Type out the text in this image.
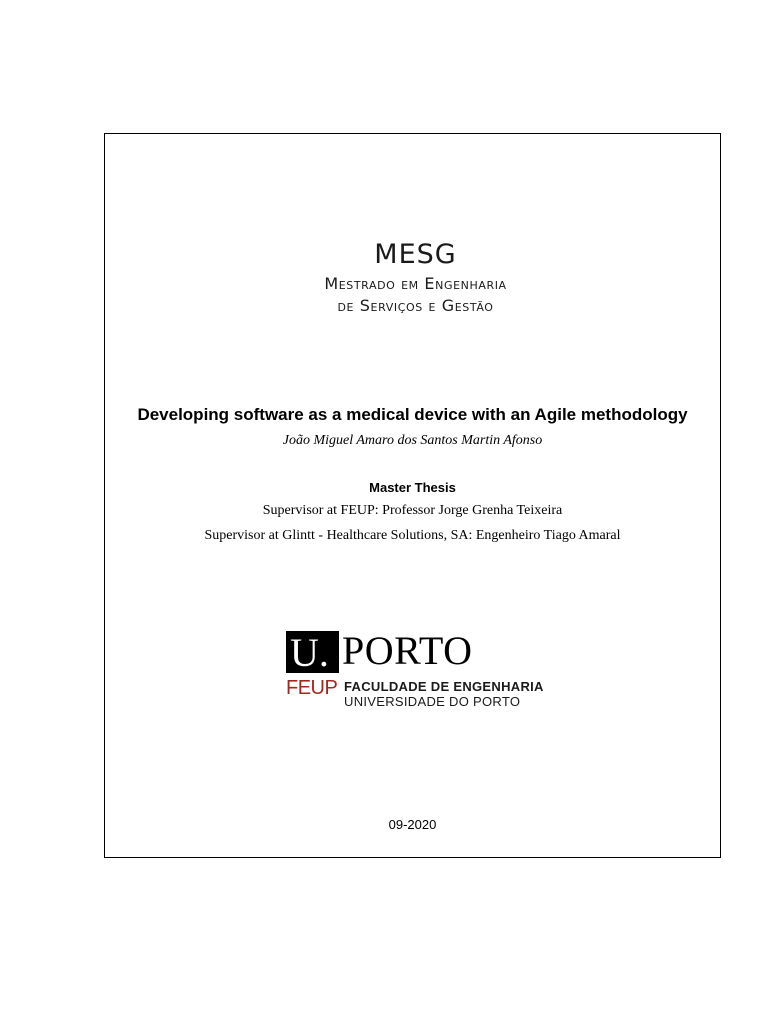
MESG
Mestrado em Engenharia
de Serviços e Gestão
Developing software as a medical device with an Agile methodology
João Miguel Amaro dos Santos Martin Afonso
Master Thesis
Supervisor at FEUP: Professor Jorge Grenha Teixeira
Supervisor at Glintt - Healthcare Solutions, SA: Engenheiro Tiago Amaral
U. PORTO
FEUP FACULDADE DE ENGENHARIA
UNIVERSIDADE DO PORTO
09-2020
